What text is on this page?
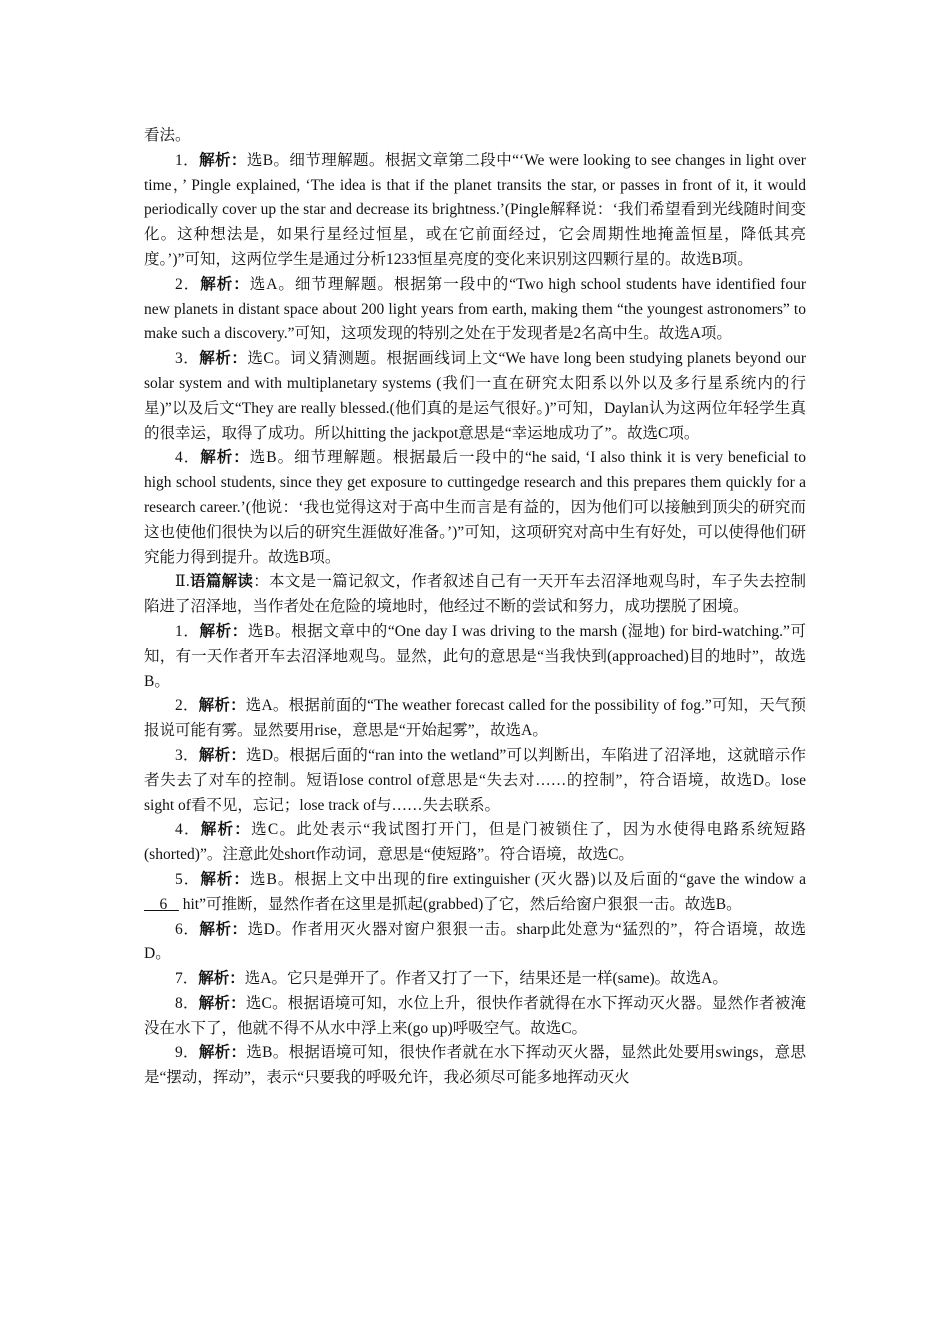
看法。

1．解析：选B。细节理解题。根据文章第二段中“‘We were looking to see changes in light over time，’ Pingle explained, ‘The idea is that if the planet transits the star, or passes in front of it, it would periodically cover up the star and decrease its brightness.’(Pingle解释说：‘我们希望看到光线随时间变化。这种想法是，如果行星经过恒星，或在它前面经过，它会周期性地掩盖恒星，降低其亮度。’)”可知，这两位学生是通过分析1233恒星亮度的变化来识别这四颗行星的。故选B项。

2．解析：选A。细节理解题。根据第一段中的“Two high school students have identified four new planets in distant space about 200 light years from earth, making them “the youngest astronomers” to make such a discovery.”可知，这项发现的特别之处在于发现者是2名高中生。故选A项。

3．解析：选C。词义猜测题。根据画线词上文“We have long been studying planets beyond our solar system and with multiplanetary systems (我们一直在研究太阳系以外以及多行星系统内的行星)”以及后文“They are really blessed.(他们真的是运气很好。)”可知，Daylan认为这两位年轻学生真的很幸运，取得了成功。所以hitting the jackpot意思是“幸运地成功了”。故选C项。

4．解析：选B。细节理解题。根据最后一段中的“he said, ‘I also think it is very beneficial to high school students, since they get exposure to cuttingedge research and this prepares them quickly for a research career.’(他说：‘我也觉得这对于高中生而言是有益的，因为他们可以接触到顶尖的研究而这也使他们很快为以后的研究生涯做好准备。’)”可知，这项研究对高中生有好处，可以使得他们研究能力得到提升。故选B项。

Ⅱ.语篇解读：本文是一篇记叙文，作者叙述自己有一天开车去沼泽地观鸟时，车子失去控制陷进了沼泽地，当作者处在危险的境地时，他经过不断的尝试和努力，成功摆脱了困境。

1．解析：选B。根据文章中的“One day I was driving to the marsh (湿地) for bird-watching.”可知，有一天作者开车去沼泽地观鸟。显然，此句的意思是“当我快到(approached)目的地时”，故选B。

2．解析：选A。根据前面的“The weather forecast called for the possibility of fog.”可知，天气预报说可能有雾。显然要用rise，意思是“开始起雾”，故选A。

3．解析：选D。根据后面的“ran into the wetland”可以判断出，车陷进了沼泽地，这就暗示作者失去了对车的控制。短语lose control of意思是“失去对……的控制”，符合语境，故选D。lose sight of看不见，忘记；lose track of与……失去联系。

4．解析：选C。此处表示“我试图打开门，但是门被锁住了，因为水使得电路系统短路(shorted)”。注意此处short作动词，意思是“使短路”。符合语境，故选C。

5．解析：选B。根据上文中出现的fire extinguisher (灭火器)以及后面的“gave the window a     6    hit”可推断，显然作者在这里是抓起(grabbed)了它，然后给窗户狠狠一击。故选B。

6．解析：选D。作者用灭火器对窗户狠狠一击。sharp此处意为“猛烈的”，符合语境，故选D。

7．解析：选A。它只是弹开了。作者又打了一下，结果还是一样(same)。故选A。

8．解析：选C。根据语境可知，水位上升，很快作者就得在水下挥动灭火器。显然作者被淹没在水下了，他就不得不从水中浮上来(go up)呼吸空气。故选C。

9．解析：选B。根据语境可知，很快作者就在水下挥动灭火器，显然此处要用swings，意思是“摆动，挥动”，表示“只要我的呼吸允许，我必须尽可能多地挥动灭火
